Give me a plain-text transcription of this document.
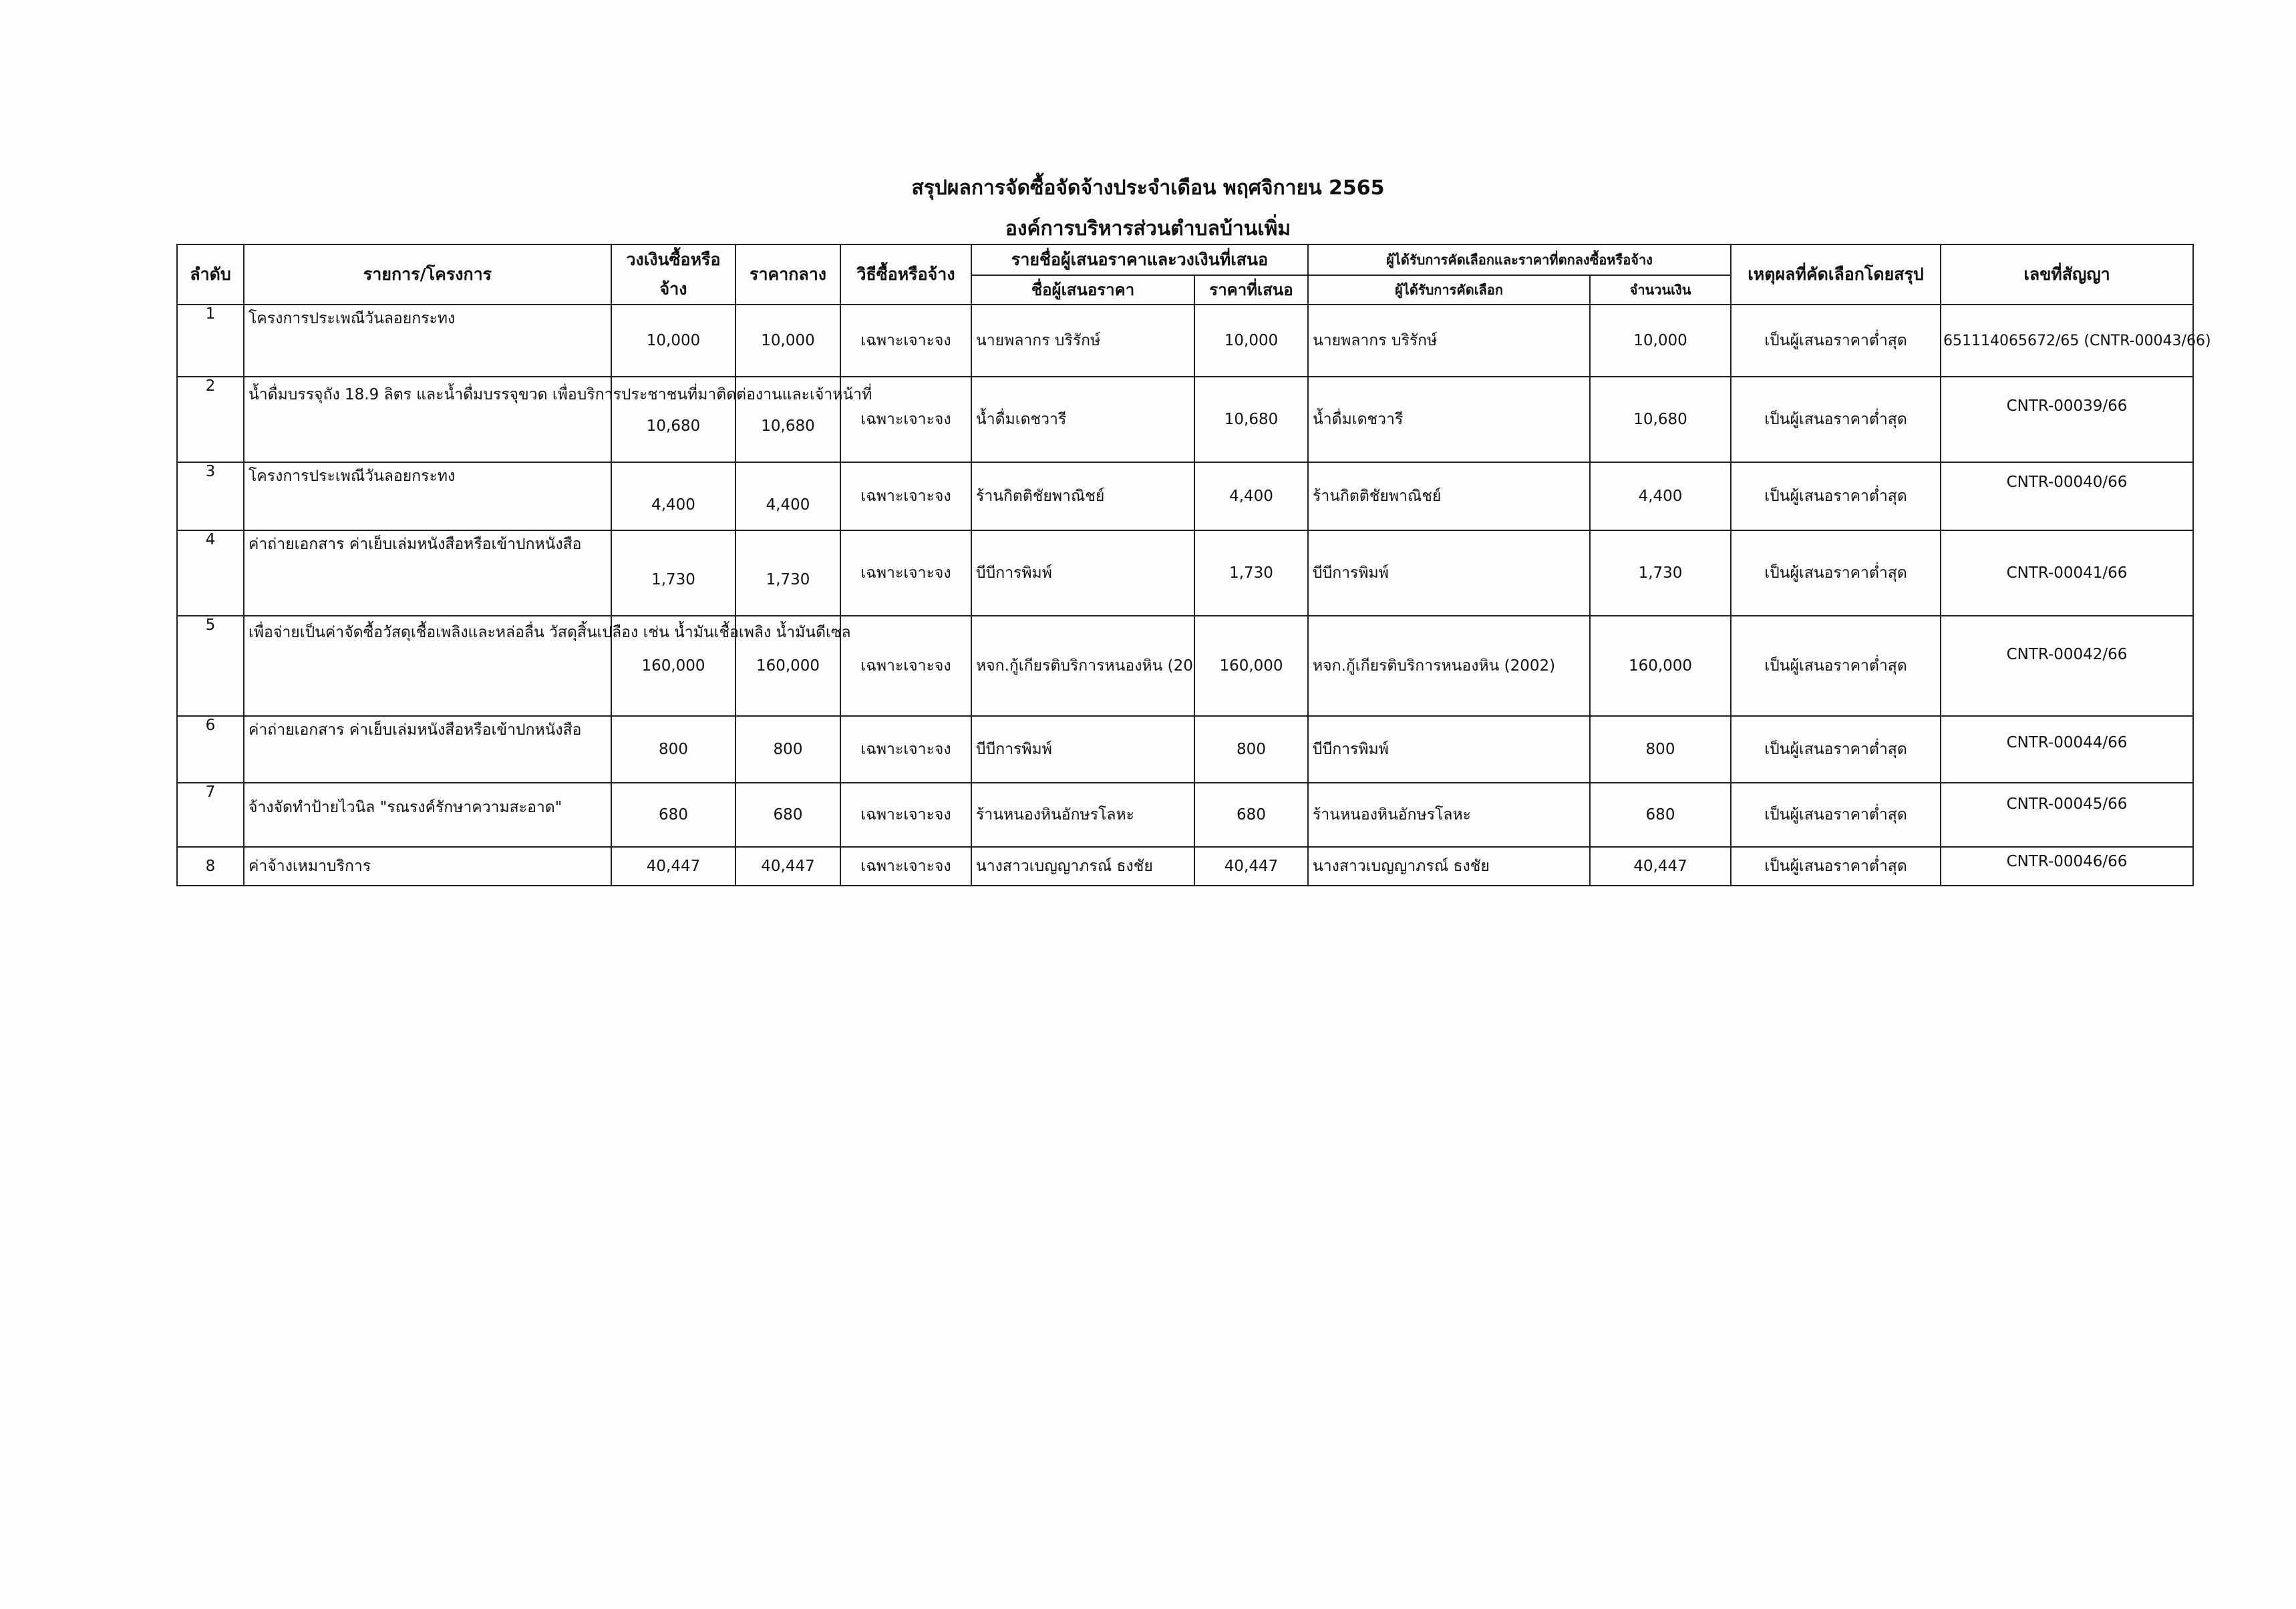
สรุปผลการจัดซื้อจัดจ้างประจำเดือน พฤศจิกายน 2565
องค์การบริหารส่วนตำบลบ้านเพิ่ม
ลำดับ	รายการ/โครงการ	วงเงินซื้อหรือจ้าง	ราคากลาง	วิธีซื้อหรือจ้าง	รายชื่อผู้เสนอราคาและวงเงินที่เสนอ		ผู้ได้รับการคัดเลือกและราคาที่ตกลงซื้อหรือจ้าง		เหตุผลที่คัดเลือกโดยสรุป	เลขที่สัญญา
					ชื่อผู้เสนอราคา	ราคาที่เสนอ	ผู้ได้รับการคัดเลือก	จำนวนเงิน		
1	โครงการประเพณีวันลอยกระทง	10,000	10,000	เฉพาะเจาะจง	นายพลากร บริรักษ์	10,000	นายพลากร บริรักษ์	10,000	เป็นผู้เสนอราคาต่ำสุด	651114065672/65 (CNTR-00043/66)
2	น้ำดื่มบรรจุถัง 18.9 ลิตร และน้ำดื่มบรรจุขวด เพื่อบริการประชาชนที่มาติดต่องานและเจ้าหน้าที่	10,680	10,680	เฉพาะเจาะจง	น้ำดื่มเดชวารี	10,680	น้ำดื่มเดชวารี	10,680	เป็นผู้เสนอราคาต่ำสุด	CNTR-00039/66
3	โครงการประเพณีวันลอยกระทง	4,400	4,400	เฉพาะเจาะจง	ร้านกิตติชัยพาณิชย์	4,400	ร้านกิตติชัยพาณิชย์	4,400	เป็นผู้เสนอราคาต่ำสุด	CNTR-00040/66
4	ค่าถ่ายเอกสาร ค่าเย็บเล่มหนังสือหรือเข้าปกหนังสือ	1,730	1,730	เฉพาะเจาะจง	บีบีการพิมพ์	1,730	บีบีการพิมพ์	1,730	เป็นผู้เสนอราคาต่ำสุด	CNTR-00041/66
5	เพื่อจ่ายเป็นค่าจัดซื้อวัสดุเชื้อเพลิงและหล่อลื่น วัสดุสิ้นเปลือง เช่น น้ำมันเชื้อเพลิง น้ำมันดีเซล	160,000	160,000	เฉพาะเจาะจง	หจก.กู้เกียรติบริการหนองหิน (20	160,000	หจก.กู้เกียรติบริการหนองหิน (2002)	160,000	เป็นผู้เสนอราคาต่ำสุด	CNTR-00042/66
6	ค่าถ่ายเอกสาร ค่าเย็บเล่มหนังสือหรือเข้าปกหนังสือ	800	800	เฉพาะเจาะจง	บีบีการพิมพ์	800	บีบีการพิมพ์	800	เป็นผู้เสนอราคาต่ำสุด	CNTR-00044/66
7	จ้างจัดทำป้ายไวนิล "รณรงค์รักษาความสะอาด"	680	680	เฉพาะเจาะจง	ร้านหนองหินอักษรโลหะ	680	ร้านหนองหินอักษรโลหะ	680	เป็นผู้เสนอราคาต่ำสุด	CNTR-00045/66
8	ค่าจ้างเหมาบริการ	40,447	40,447	เฉพาะเจาะจง	นางสาวเบญญาภรณ์ ธงชัย	40,447	นางสาวเบญญาภรณ์ ธงชัย	40,447	เป็นผู้เสนอราคาต่ำสุด	CNTR-00046/66
